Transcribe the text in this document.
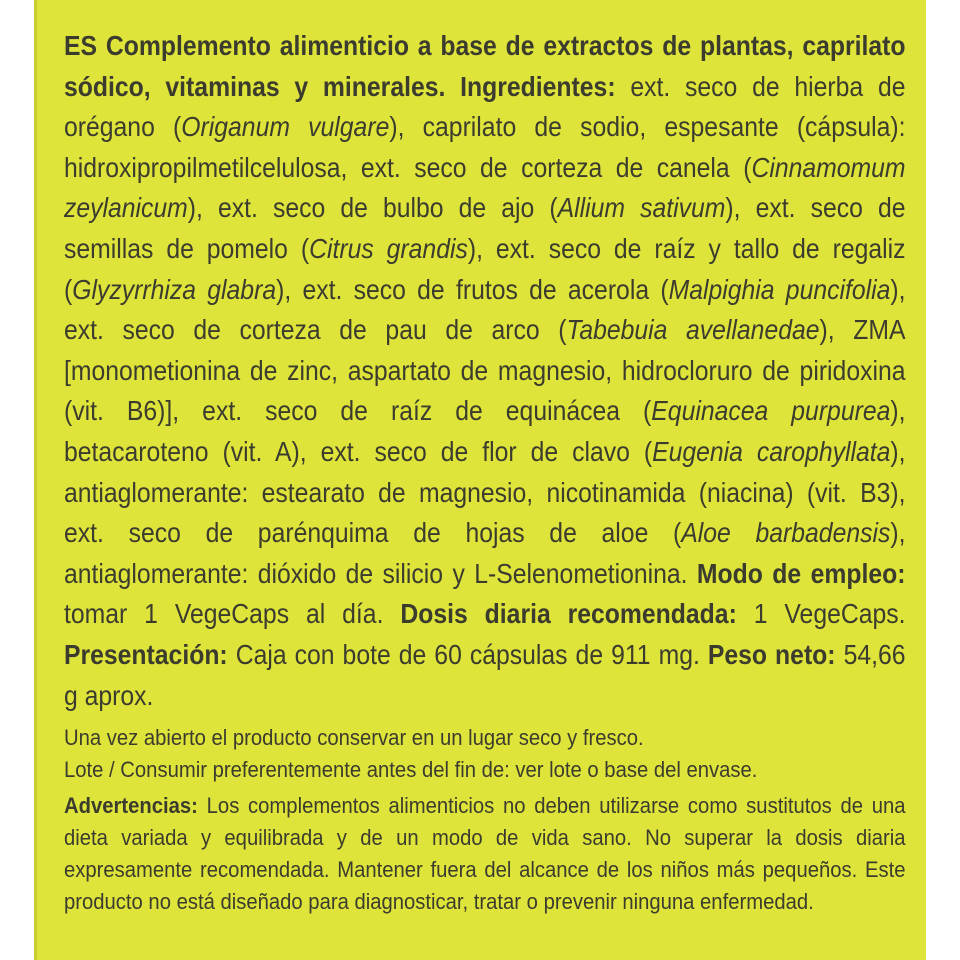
ES Complemento alimenticio a base de extractos de plantas, caprilato sódico, vitaminas y minerales. Ingredientes: ext. seco de hierba de orégano (Origanum vulgare), caprilato de sodio, espesante (cápsula): hidroxipropilmetilcelulosa, ext. seco de corteza de canela (Cinnamomum zeylanicum), ext. seco de bulbo de ajo (Allium sativum), ext. seco de semillas de pomelo (Citrus grandis), ext. seco de raíz y tallo de regaliz (Glyzyrrhiza glabra), ext. seco de frutos de acerola (Malpighia puncifolia), ext. seco de corteza de pau de arco (Tabebuia avellanedae), ZMA [monometionina de zinc, aspartato de magnesio, hidrocloruro de piridoxina (vit. B6)], ext. seco de raíz de equinácea (Equinacea purpurea), betacaroteno (vit. A), ext. seco de flor de clavo (Eugenia carophyllata), antiaglomerante: estearato de magnesio, nicotinamida (niacina) (vit. B3), ext. seco de parénquima de hojas de aloe (Aloe barbadensis), antiaglomerante: dióxido de silicio y L-Selenometionina. Modo de empleo: tomar 1 VegeCaps al día. Dosis diaria recomendada: 1 VegeCaps. Presentación: Caja con bote de 60 cápsulas de 911 mg. Peso neto: 54,66 g aprox.

Una vez abierto el producto conservar en un lugar seco y fresco.

Lote / Consumir preferentemente antes del fin de: ver lote o base del envase.

Advertencias: Los complementos alimenticios no deben utilizarse como sustitutos de una dieta variada y equilibrada y de un modo de vida sano. No superar la dosis diaria expresamente recomendada. Mantener fuera del alcance de los niños más pequeños. Este producto no está diseñado para diagnosticar, tratar o prevenir ninguna enfermedad.
